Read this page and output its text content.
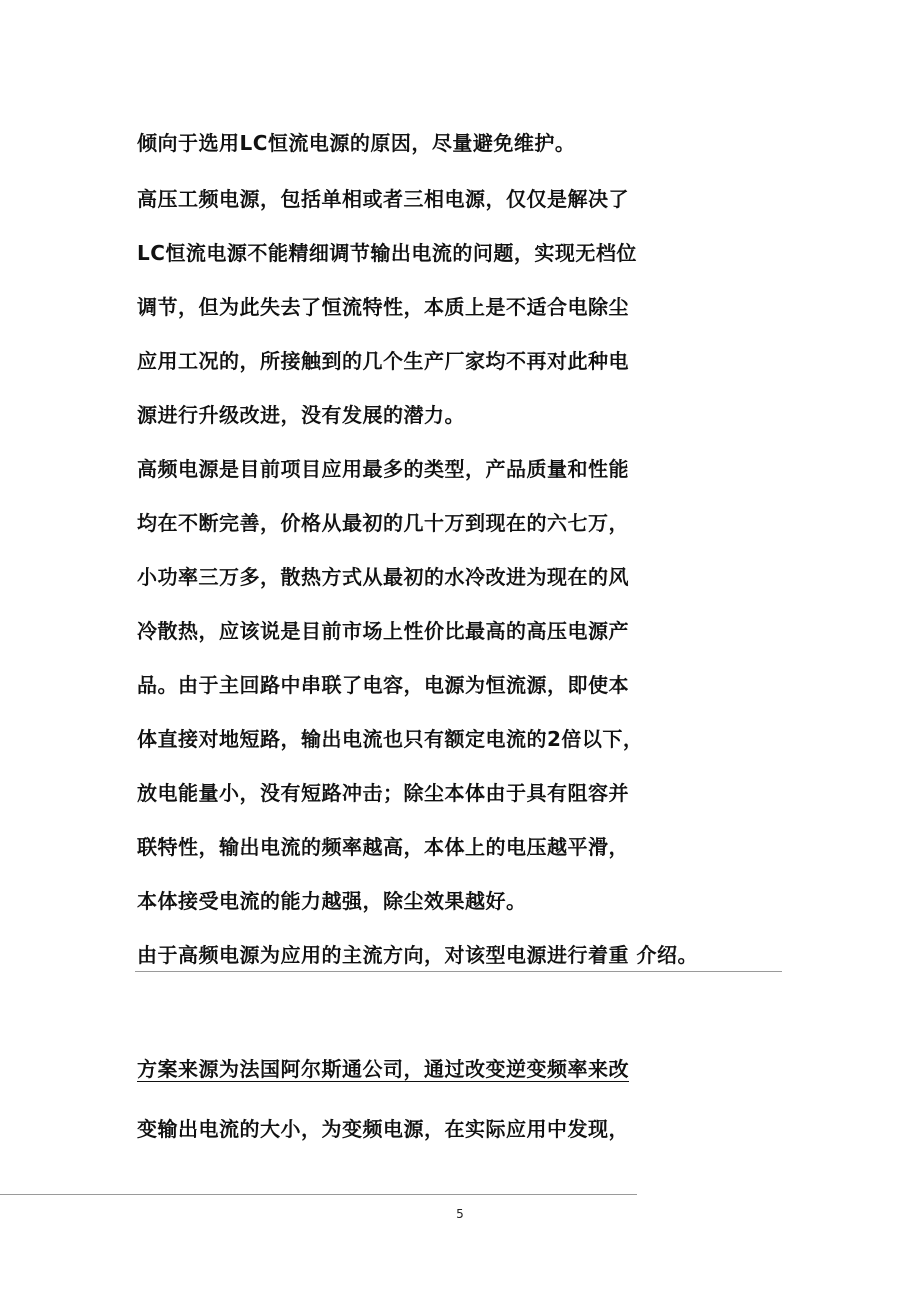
倾向于选用LC恒流电源的原因，尽量避免维护。
高压工频电源，包括单相或者三相电源，仅仅是解决了
LC恒流电源不能精细调节输出电流的问题，实现无档位
调节，但为此失去了恒流特性，本质上是不适合电除尘
应用工况的，所接触到的几个生产厂家均不再对此种电
源进行升级改进，没有发展的潜力。
高频电源是目前项目应用最多的类型，产品质量和性能
均在不断完善，价格从最初的几十万到现在的六七万，
小功率三万多，散热方式从最初的水冷改进为现在的风
冷散热，应该说是目前市场上性价比最高的高压电源产
品。由于主回路中串联了电容，电源为恒流源，即使本
体直接对地短路，输出电流也只有额定电流的2倍以下，
放电能量小，没有短路冲击；除尘本体由于具有阻容并
联特性，输出电流的频率越高，本体上的电压越平滑，
本体接受电流的能力越强，除尘效果越好。
由于高频电源为应用的主流方向，对该型电源进行着重 介绍。
方案来源为法国阿尔斯通公司，通过改变逆变频率来改
变输出电流的大小，为变频电源，在实际应用中发现，
5
